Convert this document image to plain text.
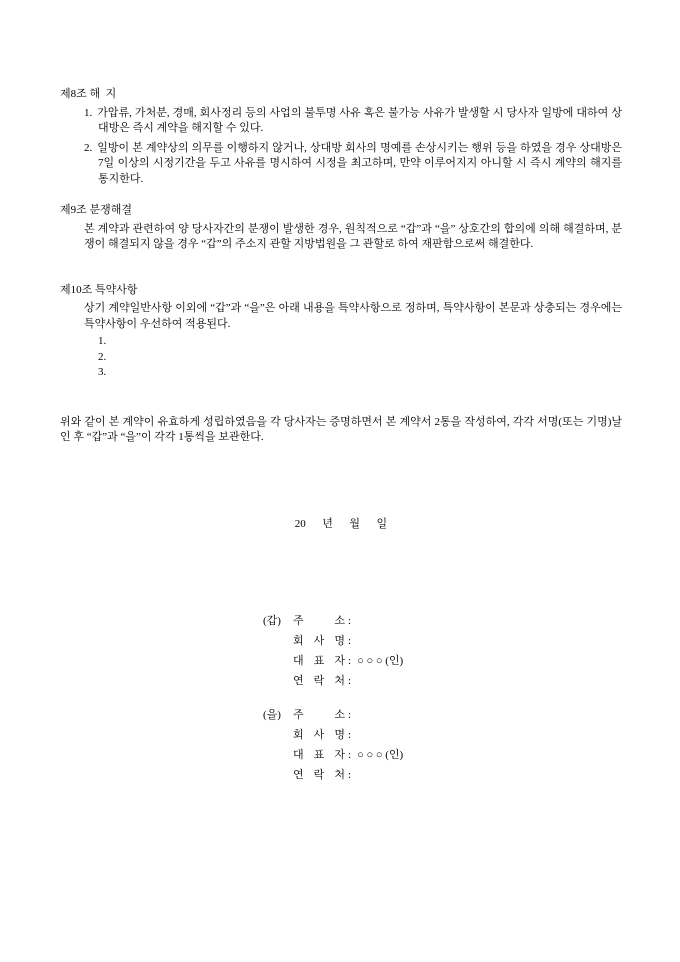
제8조 해  지
1. 가압류, 가처분, 경매, 회사정리 등의 사업의 불투명 사유 혹은 불가능 사유가 발생할 시 당사자 일방에 대하여 상대방은 즉시 계약을 해지할 수 있다.
2. 일방이 본 계약상의 의무를 이행하지 않거나, 상대방 회사의 명예를 손상시키는 행위 등을 하였을 경우 상대방은 7일 이상의 시정기간을 두고 사유를 명시하여 시정을 최고하며, 만약 이루어지지 아니할 시 즉시 계약의 해지를 통지한다.
제9조 분쟁해결
본 계약과 관련하여 양 당사자간의 분쟁이 발생한 경우, 원칙적으로 “갑”과 “을” 상호간의 합의에 의해 해결하며, 분쟁이 해결되지 않을 경우 “갑”의 주소지 관할 지방법원을 그 관할로 하여 재판함으로써 해결한다.
제10조 특약사항
상기 계약일반사항 이외에 “갑”과 “을”은 아래 내용을 특약사항으로 정하며, 특약사항이 본문과 상충되는 경우에는 특약사항이 우선하여 적용된다.
1.
2.
3.
위와 같이 본 계약이 유효하게 성립하였음을 각 당사자는 증명하면서 본 계약서 2통을 작성하여, 각각 서명(또는 기명)날인 후 “갑”과 “을”이 각각 1통씩을 보관한다.
20      년      월      일
(갑)	주 소 :
회 사 명 :
대 표 자 : ○ ○ ○ (인)
연 락 처 :
(을)	주 소 :
회 사 명 :
대 표 자 : ○ ○ ○ (인)
연 락 처 :
